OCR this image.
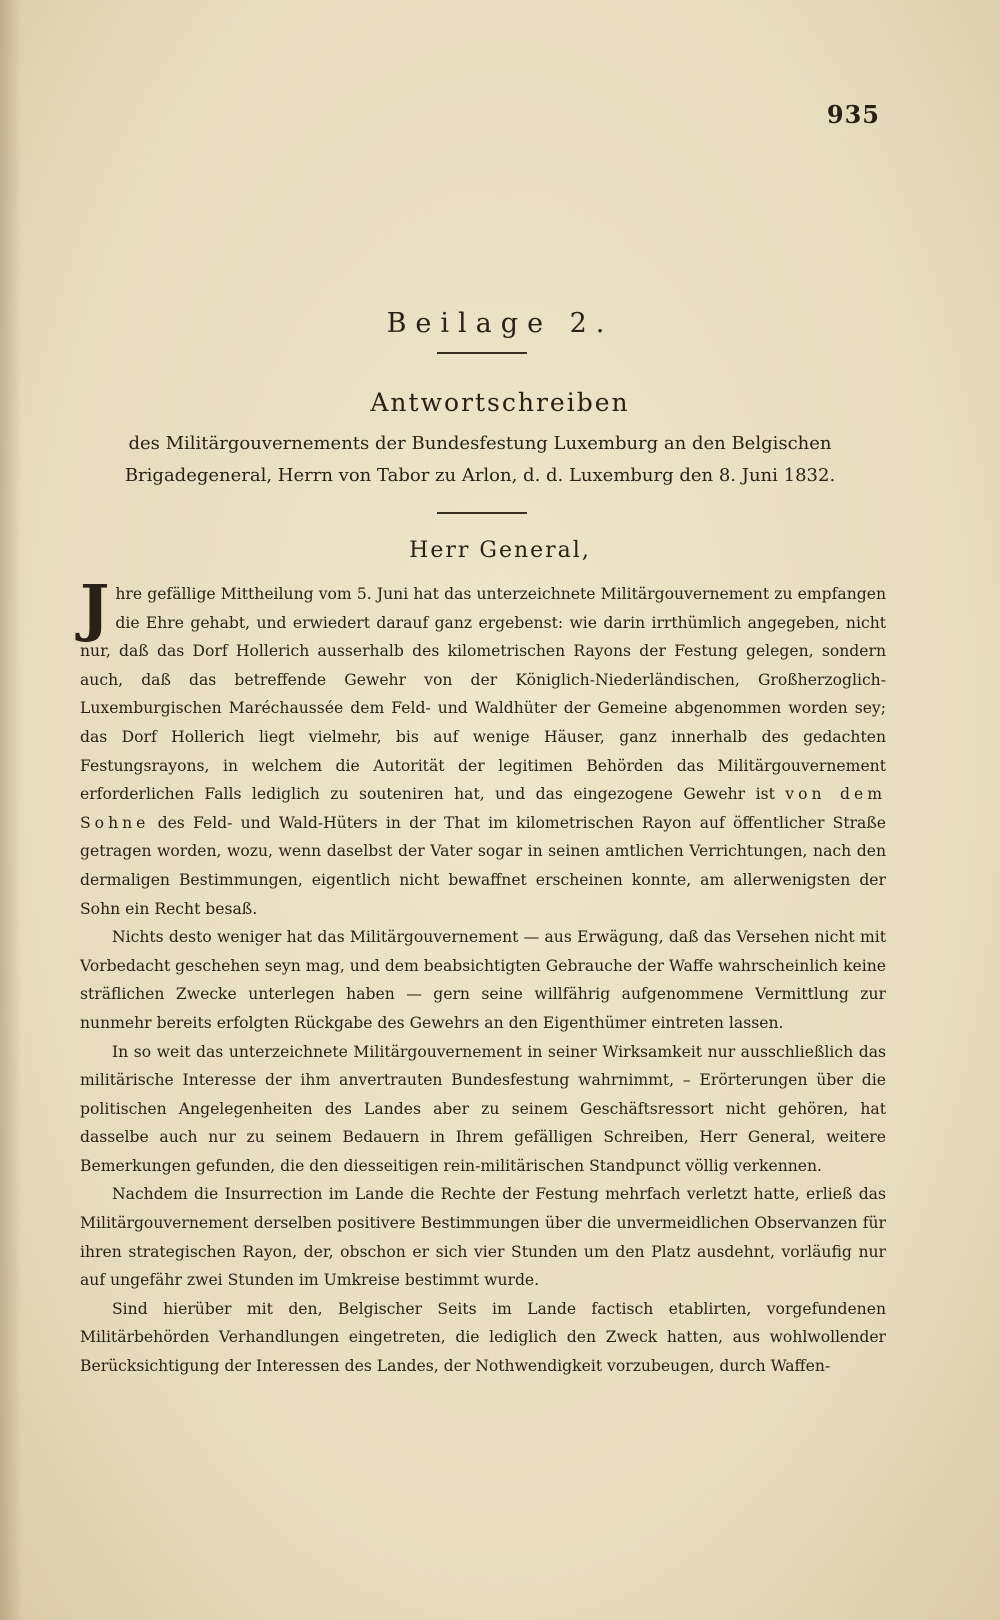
935
Beilage 2.
Antwortschreiben
des Militärgouvernements der Bundesfestung Luxemburg an den Belgischen Brigadegeneral, Herrn von Tabor zu Arlon, d. d. Luxemburg den 8. Juni 1832.
Herr General,

Jhre gefällige Mittheilung vom 5. Juni hat das unterzeichnete Militärgouvernement zu empfangen die Ehre gehabt, und erwiedert darauf ganz ergebenst: wie darin irrthümlich angegeben, nicht nur, daß das Dorf Hollerich ausserhalb des kilometrischen Rayons der Festung gelegen, sondern auch, daß das betreffende Gewehr von der Königlich-Niederländischen, Großherzoglich-Luxemburgischen Maréchaussée dem Feld- und Waldhüter der Gemeine abgenommen worden sey; das Dorf Hollerich liegt vielmehr, bis auf wenige Häuser, ganz innerhalb des gedachten Festungsrayons, in welchem die Autorität der legitimen Behörden das Militärgouvernement erforderlichen Falls lediglich zu souteniren hat, und das eingezogene Gewehr ist von dem Sohne des Feld- und Wald-Hüters in der That im kilometrischen Rayon auf öffentlicher Straße getragen worden, wozu, wenn daselbst der Vater sogar in seinen amtlichen Verrichtungen, nach den dermaligen Bestimmungen, eigentlich nicht bewaffnet erscheinen konnte, am allerwenigsten der Sohn ein Recht besaß.

Nichts desto weniger hat das Militärgouvernement — aus Erwägung, daß das Versehen nicht mit Vorbedacht geschehen seyn mag, und dem beabsichtigten Gebrauche der Waffe wahrscheinlich keine sträflichen Zwecke unterlegen haben — gern seine willfährig aufgenommene Vermittlung zur nunmehr bereits erfolgten Rückgabe des Gewehrs an den Eigenthümer eintreten lassen.

In so weit das unterzeichnete Militärgouvernement in seiner Wirksamkeit nur ausschließlich das militärische Interesse der ihm anvertrauten Bundesfestung wahrnimmt, – Erörterungen über die politischen Angelegenheiten des Landes aber zu seinem Geschäftsressort nicht gehören, hat dasselbe auch nur zu seinem Bedauern in Ihrem gefälligen Schreiben, Herr General, weitere Bemerkungen gefunden, die den diesseitigen rein-militärischen Standpunct völlig verkennen.

Nachdem die Insurrection im Lande die Rechte der Festung mehrfach verletzt hatte, erließ das Militärgouvernement derselben positivere Bestimmungen über die unvermeidlichen Observanzen für ihren strategischen Rayon, der, obschon er sich vier Stunden um den Platz ausdehnt, vorläufig nur auf ungefähr zwei Stunden im Umkreise bestimmt wurde.

Sind hierüber mit den, Belgischer Seits im Lande factisch etablirten, vorgefundenen Militärbehörden Verhandlungen eingetreten, die lediglich den Zweck hatten, aus wohlwollender Berücksichtigung der Interessen des Landes, der Nothwendigkeit vorzubeugen, durch Waffen-
